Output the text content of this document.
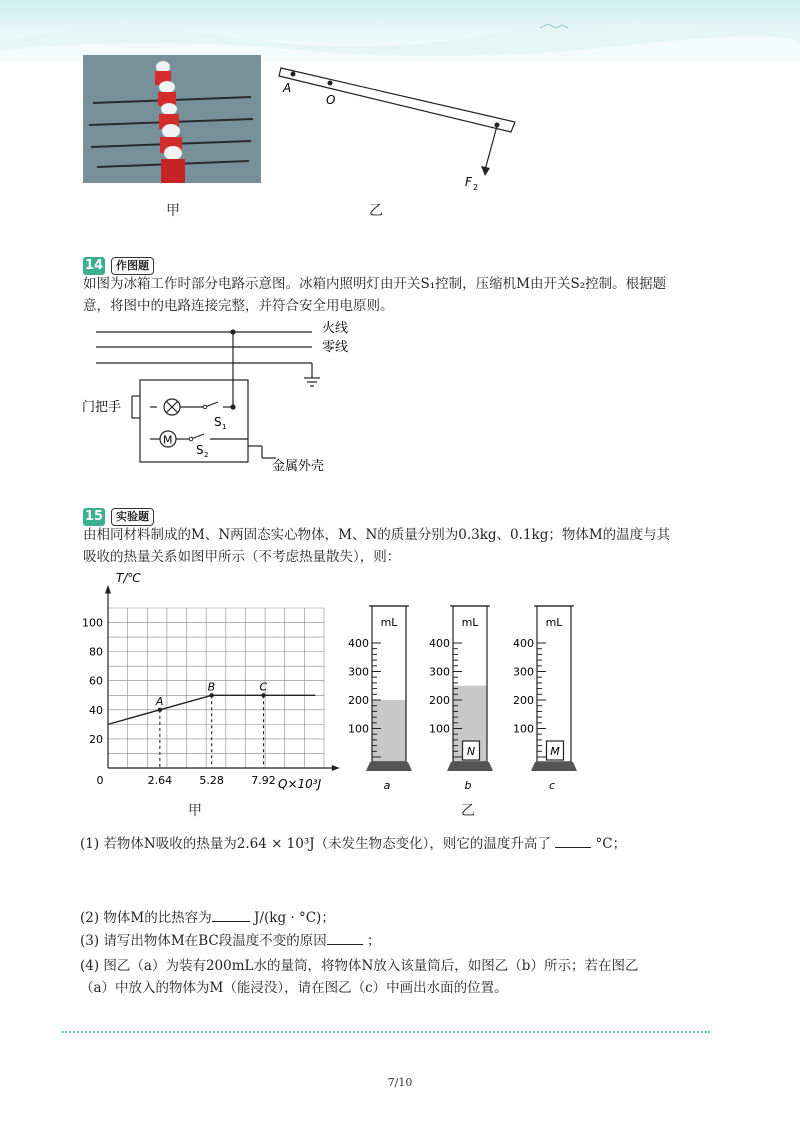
甲
A
O
F 2
乙
14 作图题
如图为冰箱工作时部分电路示意图。冰箱内照明灯由开关S₁控制，压缩机M由开关S₂控制。根据题
意，将图中的电路连接完整，并符合安全用电原则。
M
火线
零线
门把手
S 1
S 2
金属外壳
15 实验题
由相同材料制成的M、N两固态实心物体，M、N的质量分别为0.3kg、0.1kg；物体M的温度与其
吸收的热量关系如图甲所示（不考虑热量散失），则：
20
40
60
80
100
0	2.64 5.28 7.92
A
B	C
T/℃
Q×10³J
甲
mL
400
300
200
100
a
mL
400
300
200
100
N
b
mL
400
300
200
100
M
c
乙
(1) 若物体N吸收的热量为2.64 × 10³J（未发生物态变化），则它的温度升高了	°C；
(2) 物体M的比热容为	J/(kg · °C)；
(3) 请写出物体M在BC段温度不变的原因	；
(4) 图乙（a）为装有200mL水的量筒，将物体N放入该量筒后，如图乙（b）所示；若在图乙
（a）中放入的物体为M（能浸没），请在图乙（c）中画出水面的位置。
7/10
